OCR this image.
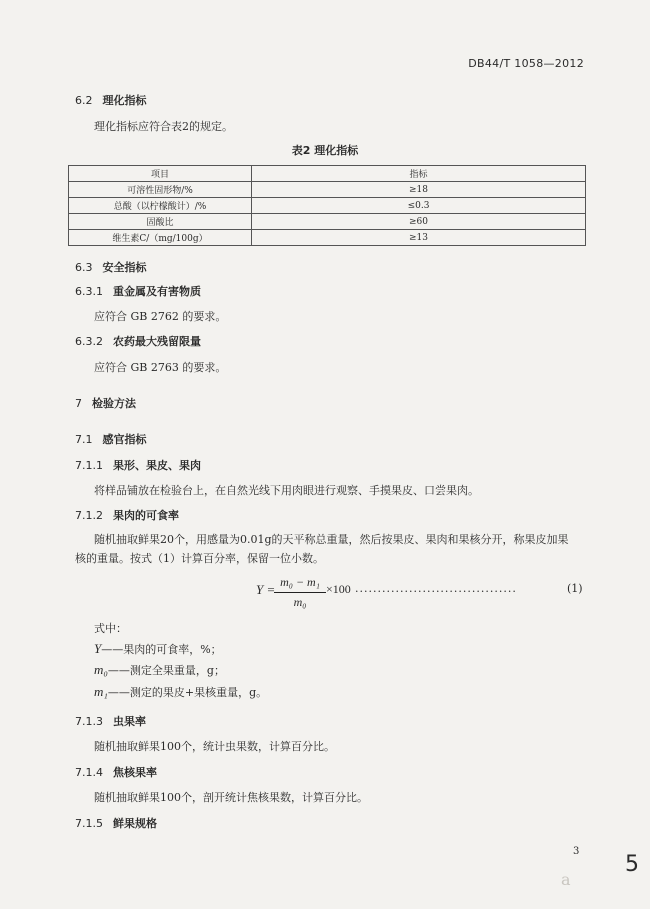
DB44/T 1058—2012
6.2 理化指标
理化指标应符合表2的规定。
表2 理化指标
项目	指标
可溶性固形物/%	≥18
总酸（以柠檬酸计）/%	≤0.3
固酸比	≥60
维生素C/（mg/100g）	≥13
6.3 安全指标
6.3.1 重金属及有害物质
应符合 GB 2762 的要求。
6.3.2 农药最大残留限量
应符合 GB 2763 的要求。
7 检验方法
7.1 感官指标
7.1.1 果形、果皮、果肉
将样品铺放在检验台上，在自然光线下用肉眼进行观察、手摸果皮、口尝果肉。
7.1.2 果肉的可食率
随机抽取鲜果20个，用感量为0.01g的天平称总重量，然后按果皮、果肉和果核分开，称果皮加果
核的重量。按式（1）计算百分率，保留一位小数。
Y = m₀ − m₁
m₀
×100 ....................................	(1)
式中：
Y——果肉的可食率，%；
m₀——测定全果重量，g；
m₁——测定的果皮+果核重量，g。
7.1.3 虫果率
随机抽取鲜果100个，统计虫果数，计算百分比。
7.1.4 焦核果率
随机抽取鲜果100个，剖开统计焦核果数，计算百分比。
7.1.5 鲜果规格
3
5
a
